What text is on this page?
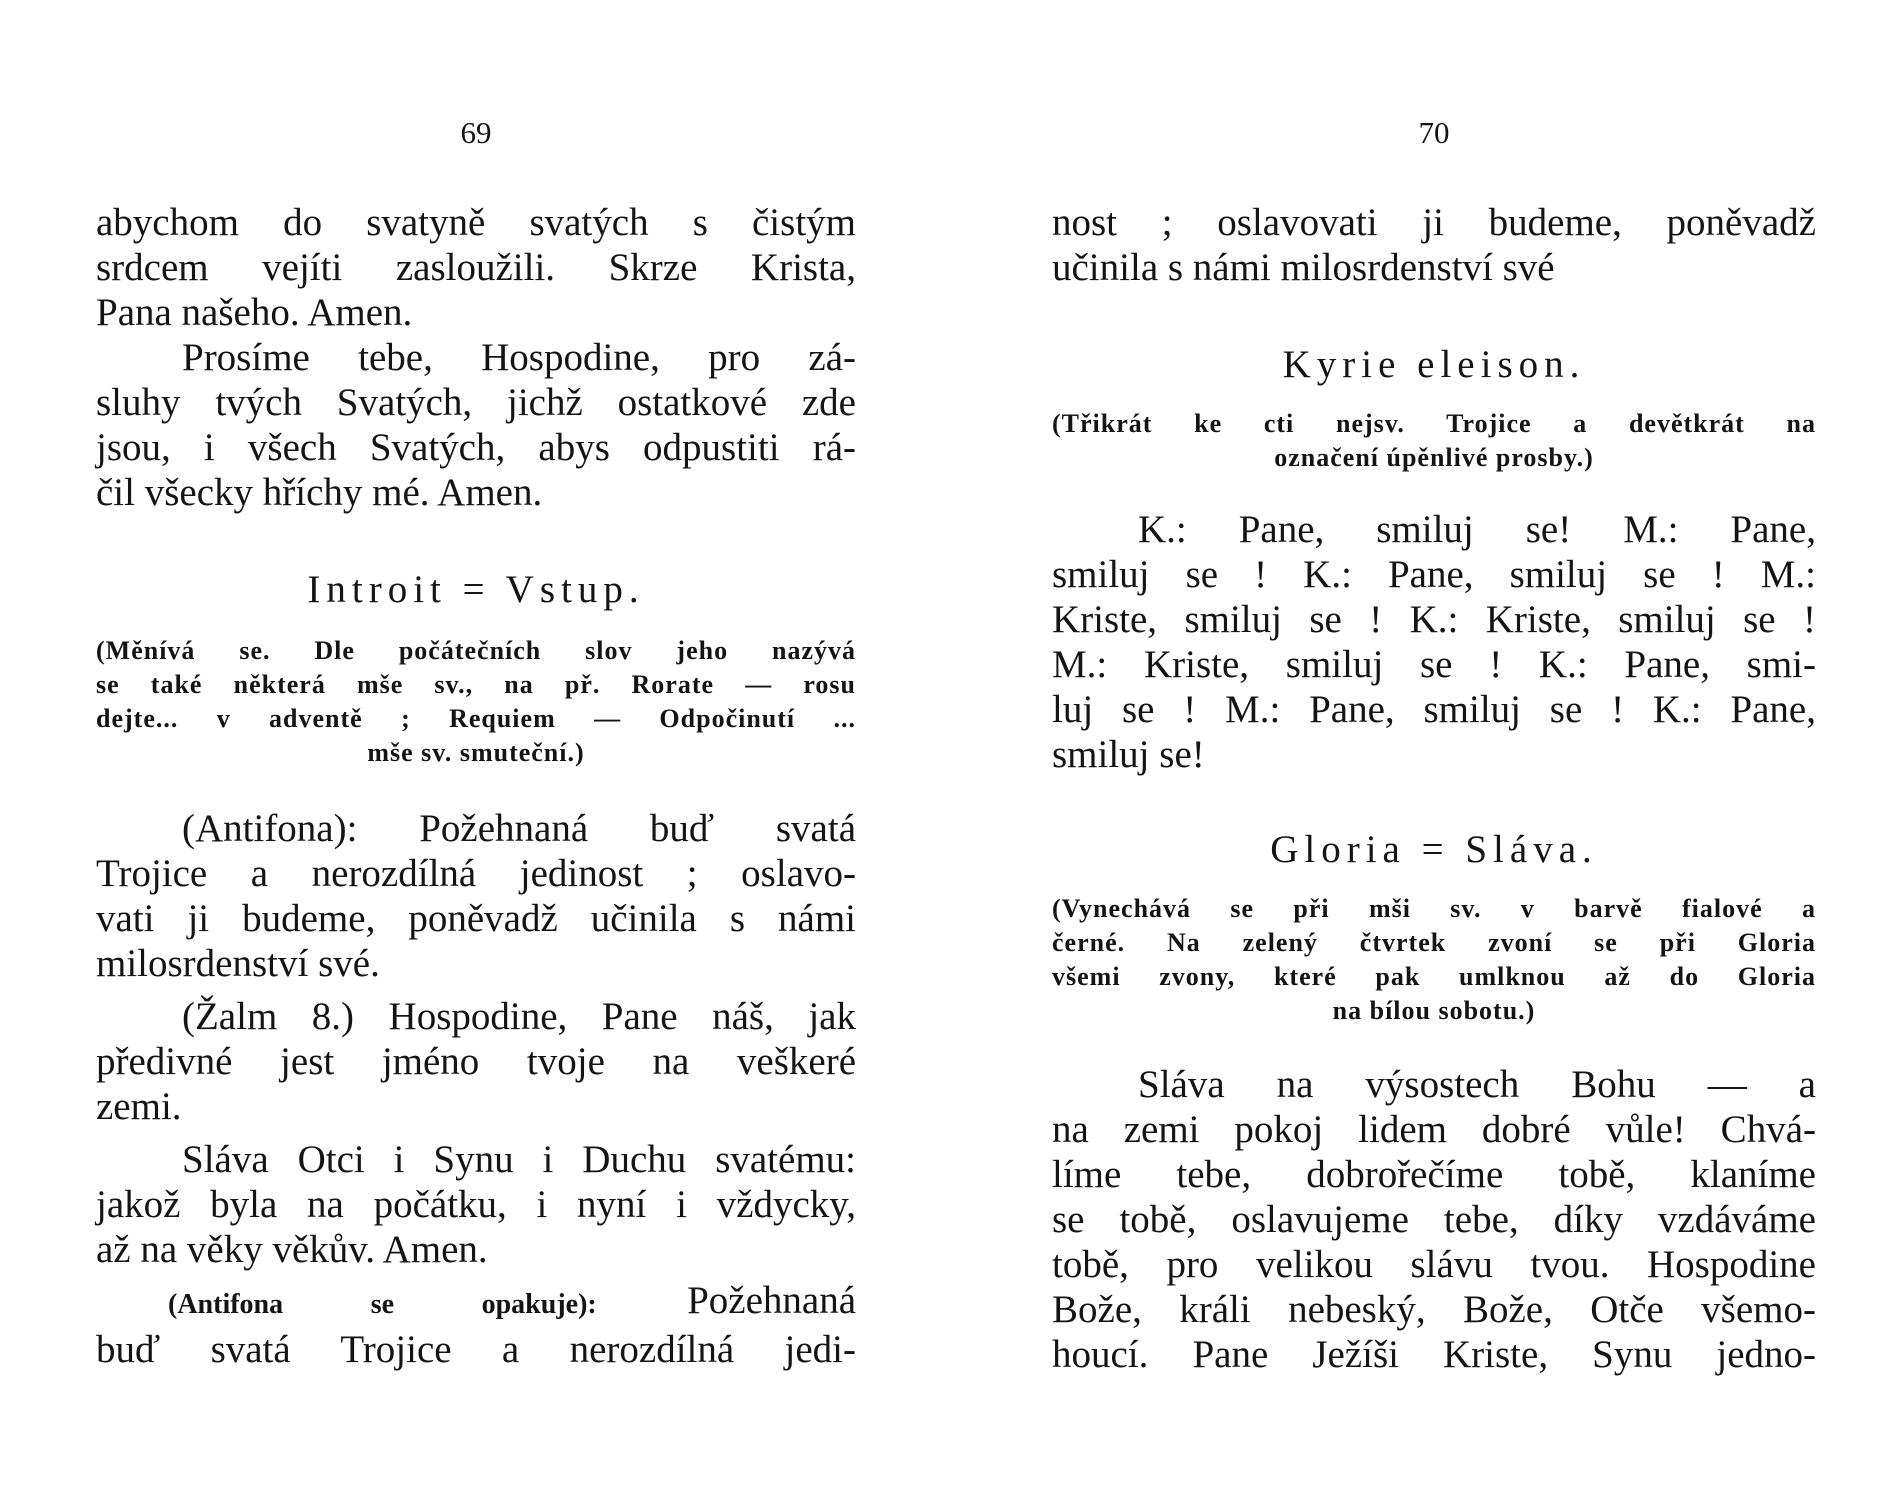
69

abychom do svatyně svatých s čistým
srdcem vejíti zasloužili. Skrze Krista,
Pana našeho. Amen.

Prosíme tebe, Hospodine, pro zá-
sluhy tvých Svatých, jichž ostatkové zde
jsou, i všech Svatých, abys odpustiti rá-
čil všecky hříchy mé. Amen.

Introit = Vstup.
(Měnívá se. Dle počátečních slov jeho nazývá
se také některá mše sv., na př. Rorate — rosu
dejte... v adventě ; Requiem — Odpočinutí ...
mše sv. smuteční.)

(Antifona): Požehnaná buď svatá
Trojice a nerozdílná jedinost ; oslavo-
vati ji budeme, poněvadž učinila s námi
milosrdenství své.

(Žalm 8.) Hospodine, Pane náš, jak
předivné jest jméno tvoje na veškeré
zemi.

Sláva Otci i Synu i Duchu svatému:
jakož byla na počátku, i nyní i vždycky,
až na věky věkův. Amen.

(Antifona se opakuje): Požehnaná
buď svatá Trojice a nerozdílná jedi-

70

nost ; oslavovati ji budeme, poněvadž
učinila s námi milosrdenství své

Kyrie eleison.
(Třikrát ke cti nejsv. Trojice a devětkrát na
označení úpěnlivé prosby.)

K.: Pane, smiluj se! M.: Pane,
smiluj se ! K.: Pane, smiluj se ! M.:
Kriste, smiluj se ! K.: Kriste, smiluj se !
M.: Kriste, smiluj se ! K.: Pane, smi-
luj se ! M.: Pane, smiluj se ! K.: Pane,
smiluj se!

Gloria = Sláva.
(Vynechává se při mši sv. v barvě fialové a
černé. Na zelený čtvrtek zvoní se při Gloria
všemi zvony, které pak umlknou až do Gloria
na bílou sobotu.)

Sláva na výsostech Bohu — a
na zemi pokoj lidem dobré vůle! Chvá-
líme tebe, dobrořečíme tobě, klaníme
se tobě, oslavujeme tebe, díky vzdáváme
tobě, pro velikou slávu tvou. Hospodine
Bože, králi nebeský, Bože, Otče všemo-
houcí. Pane Ježíši Kriste, Synu jedno-
